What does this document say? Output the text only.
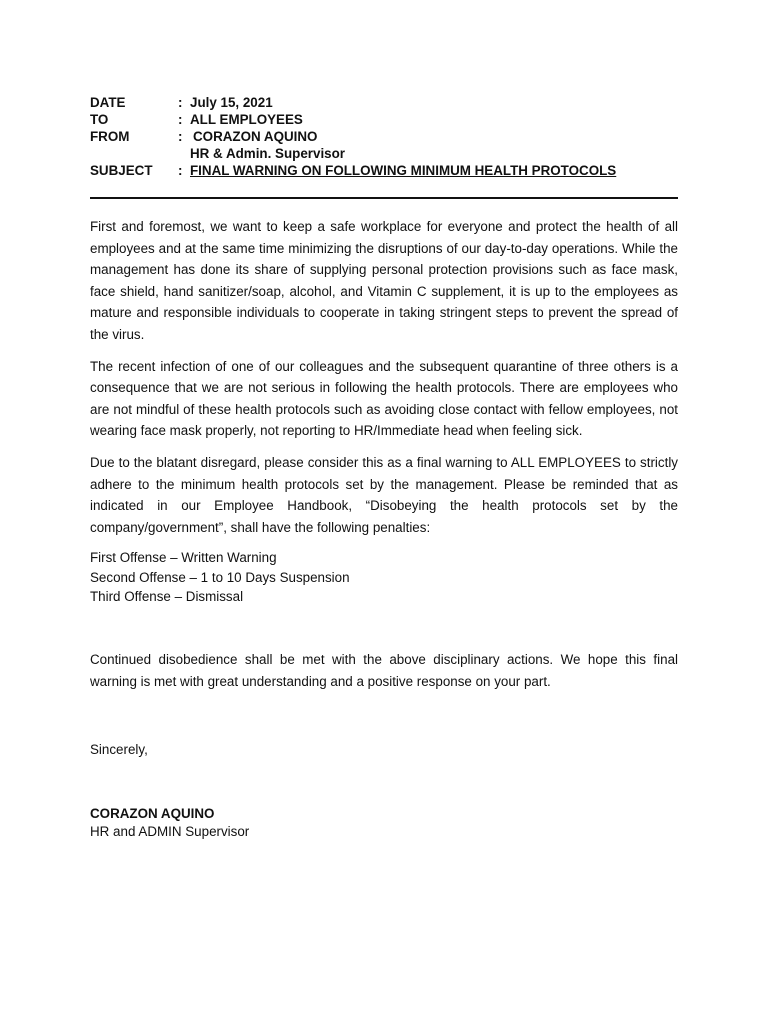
DATE	: July 15, 2021
TO	: ALL EMPLOYEES
FROM	: CORAZON AQUINO
HR & Admin. Supervisor
SUBJECT	: FINAL WARNING ON FOLLOWING MINIMUM HEALTH PROTOCOLS

First and foremost, we want to keep a safe workplace for everyone and protect the health of all employees and at the same time minimizing the disruptions of our day-to-day operations. While the management has done its share of supplying personal protection provisions such as face mask, face shield, hand sanitizer/soap, alcohol, and Vitamin C supplement, it is up to the employees as mature and responsible individuals to cooperate in taking stringent steps to prevent the spread of the virus.

The recent infection of one of our colleagues and the subsequent quarantine of three others is a consequence that we are not serious in following the health protocols. There are employees who are not mindful of these health protocols such as avoiding close contact with fellow employees, not wearing face mask properly, not reporting to HR/Immediate head when feeling sick.

Due to the blatant disregard, please consider this as a final warning to ALL EMPLOYEES to strictly adhere to the minimum health protocols set by the management. Please be reminded that as indicated in our Employee Handbook, “Disobeying the health protocols set by the company/government”, shall have the following penalties:

First Offense – Written Warning
Second Offense – 1 to 10 Days Suspension
Third Offense – Dismissal

Continued disobedience shall be met with the above disciplinary actions. We hope this final warning is met with great understanding and a positive response on your part.

Sincerely,
CORAZON AQUINO
HR and ADMIN Supervisor
